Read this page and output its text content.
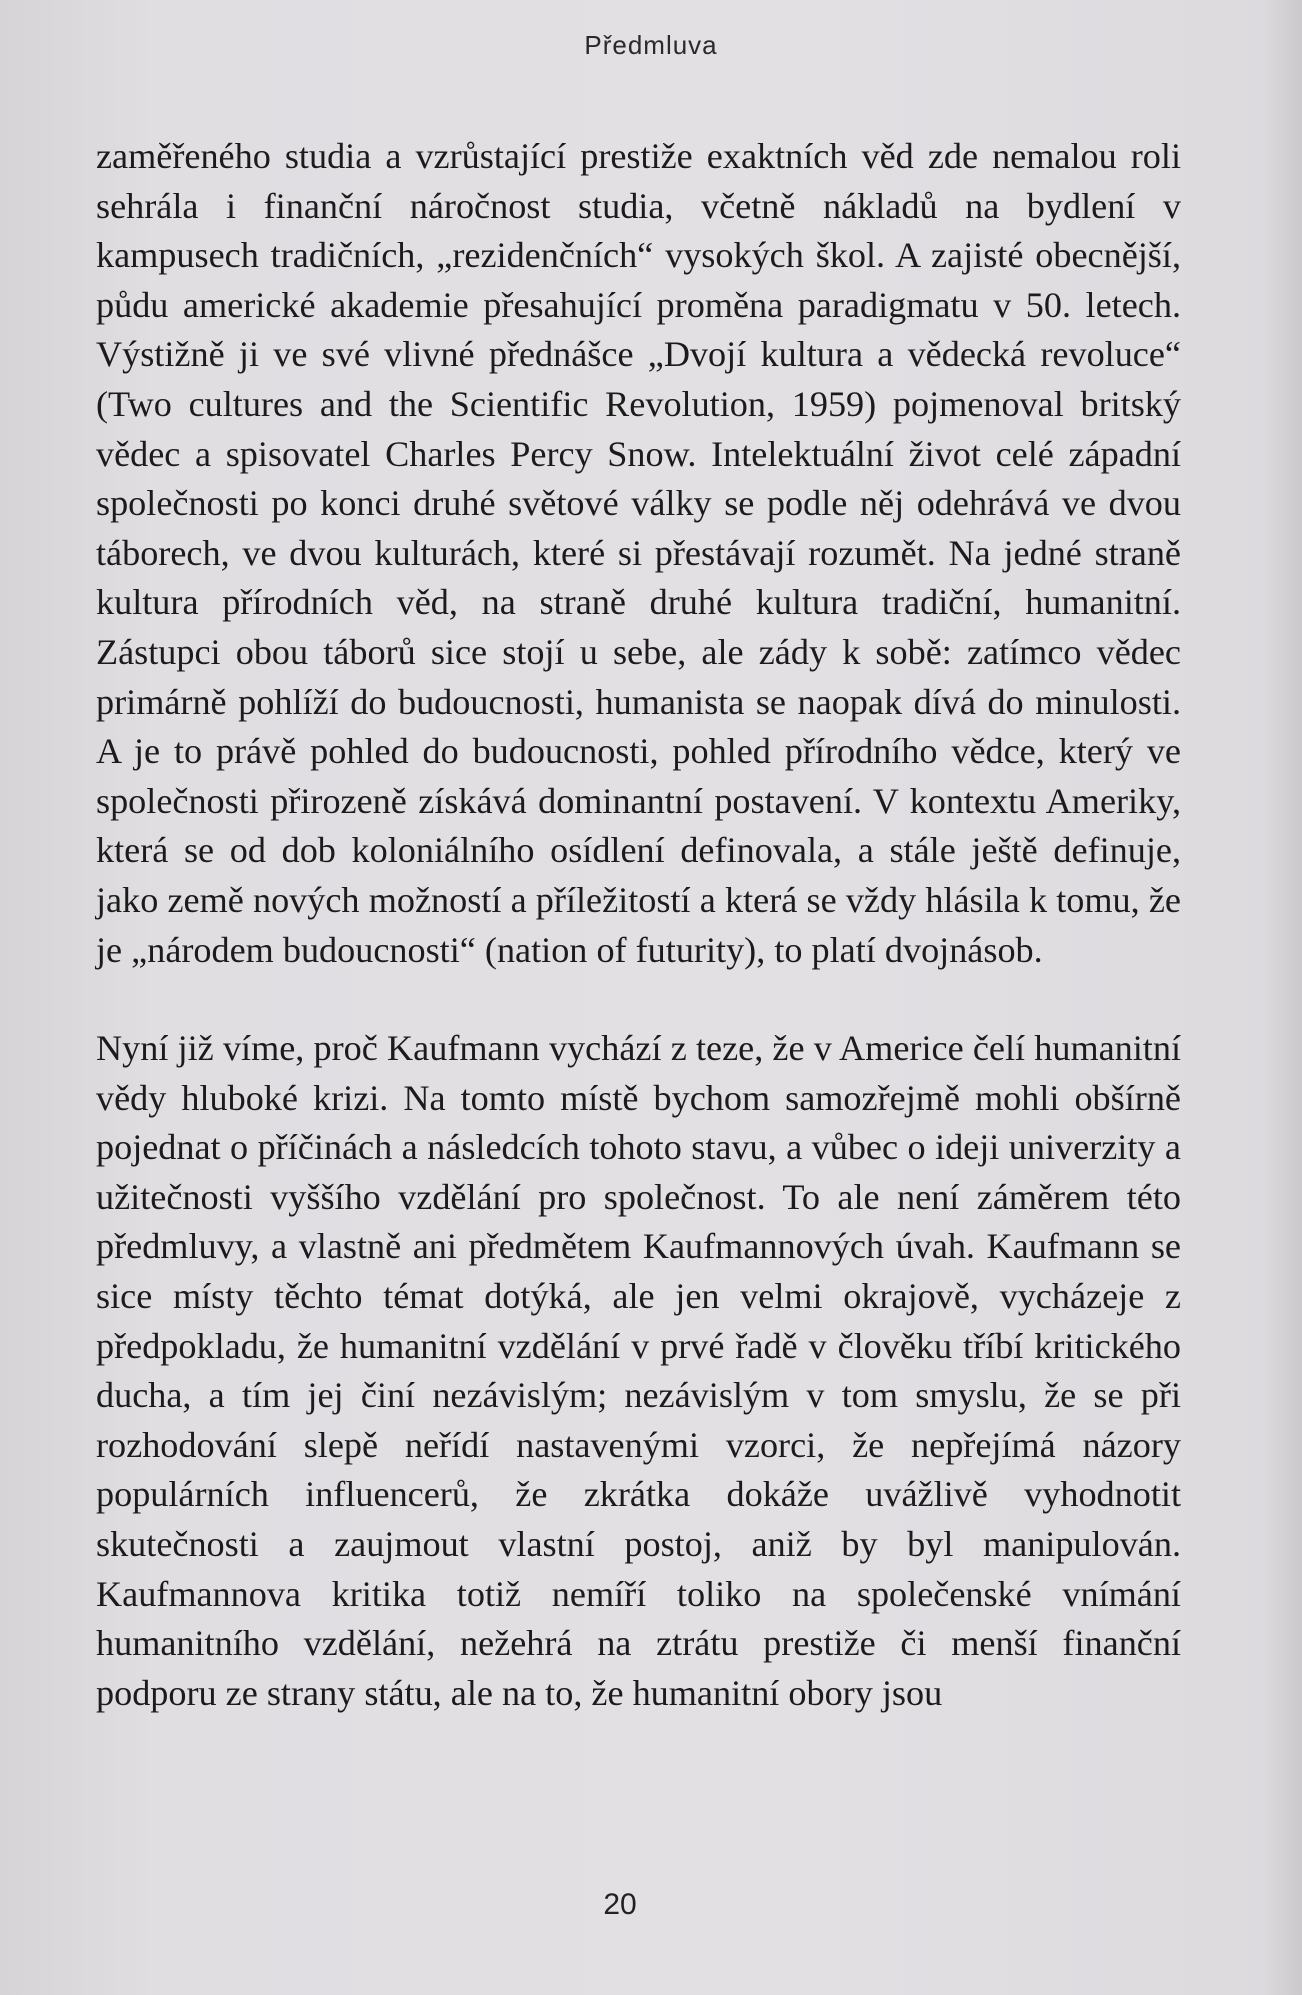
Předmluva

zaměřeného studia a vzrůstající prestiže exaktních věd zde nemalou roli sehrála i finanční náročnost studia, včetně nákladů na bydlení v kampusech tradičních, „rezidenčních“ vysokých škol. A zajisté obecnější, půdu americké akademie přesahující proměna paradigmatu v 50. letech. Výstižně ji ve své vlivné přednášce „Dvojí kultura a vědecká revoluce“ (Two cultures and the Scientific Revolution, 1959) pojmenoval britský vědec a spisovatel Charles Percy Snow. Intelektuální život celé západní společnosti po konci druhé světové války se podle něj odehrává ve dvou táborech, ve dvou kulturách, které si přestávají rozumět. Na jedné straně kultura přírodních věd, na straně druhé kultura tradiční, humanitní. Zástupci obou táborů sice stojí u sebe, ale zády k sobě: zatímco vědec primárně pohlíží do budoucnosti, humanista se naopak dívá do minulosti. A je to právě pohled do budoucnosti, pohled přírodního vědce, který ve společnosti přirozeně získává dominantní postavení. V kontextu Ameriky, která se od dob koloniálního osídlení definovala, a stále ještě definuje, jako země nových možností a příležitostí a která se vždy hlásila k tomu, že je „národem budoucnosti“ (nation of futurity), to platí dvojnásob.

Nyní již víme, proč Kaufmann vychází z teze, že v Americe čelí humanitní vědy hluboké krizi. Na tomto místě bychom samozřejmě mohli obšírně pojednat o příčinách a následcích tohoto stavu, a vůbec o ideji univerzity a užitečnosti vyššího vzdělání pro společnost. To ale není záměrem této předmluvy, a vlastně ani předmětem Kaufmannových úvah. Kaufmann se sice místy těchto témat dotýká, ale jen velmi okrajově, vycházeje z předpokladu, že humanitní vzdělání v prvé řadě v člověku tříbí kritického ducha, a tím jej činí nezávislým; nezávislým v tom smyslu, že se při rozhodování slepě neřídí nastavenými vzorci, že nepřejímá názory populárních influencerů, že zkrátka dokáže uvážlivě vyhodnotit skutečnosti a zaujmout vlastní postoj, aniž by byl manipulován. Kaufmannova kritika totiž nemíří toliko na společenské vnímání humanitního vzdělání, nežehrá na ztrátu prestiže či menší finanční podporu ze strany státu, ale na to, že humanitní obory jsou

20
